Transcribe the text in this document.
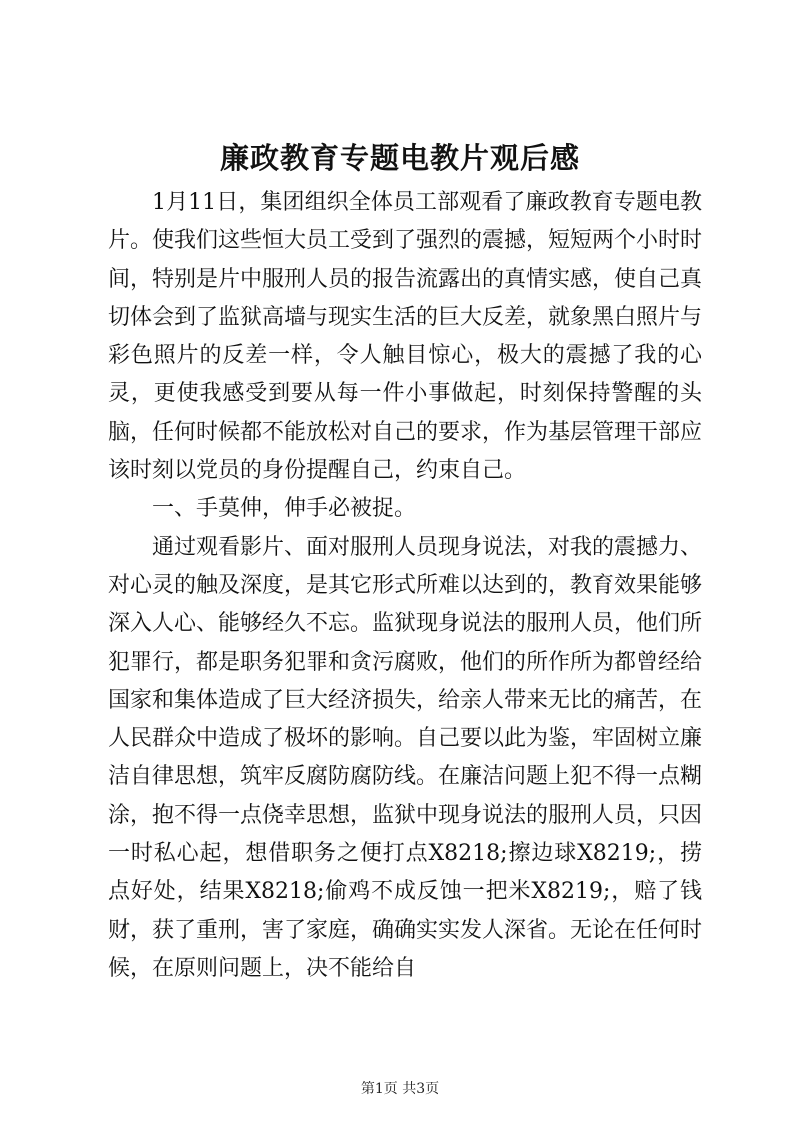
廉政教育专题电教片观后感

1月11日，集团组织全体员工部观看了廉政教育专题电教片。使我们这些恒大员工受到了强烈的震撼，短短两个小时时间，特别是片中服刑人员的报告流露出的真情实感，使自己真切体会到了监狱高墙与现实生活的巨大反差，就象黑白照片与彩色照片的反差一样，令人触目惊心，极大的震撼了我的心灵，更使我感受到要从每一件小事做起，时刻保持警醒的头脑，任何时候都不能放松对自己的要求，作为基层管理干部应该时刻以党员的身份提醒自己，约束自己。

一、手莫伸，伸手必被捉。

通过观看影片、面对服刑人员现身说法，对我的震撼力、对心灵的触及深度，是其它形式所难以达到的，教育效果能够深入人心、能够经久不忘。监狱现身说法的服刑人员，他们所犯罪行，都是职务犯罪和贪污腐败，他们的所作所为都曾经给国家和集体造成了巨大经济损失，给亲人带来无比的痛苦，在人民群众中造成了极坏的影响。自己要以此为鉴，牢固树立廉洁自律思想，筑牢反腐防腐防线。在廉洁问题上犯不得一点糊涂，抱不得一点侥幸思想，监狱中现身说法的服刑人员，只因一时私心起，想借职务之便打点X8218;擦边球X8219;，捞点好处，结果X8218;偷鸡不成反蚀一把米X8219;，赔了钱财，获了重刑，害了家庭，确确实实发人深省。无论在任何时候，在原则问题上，决不能给自

第1页 共3页
